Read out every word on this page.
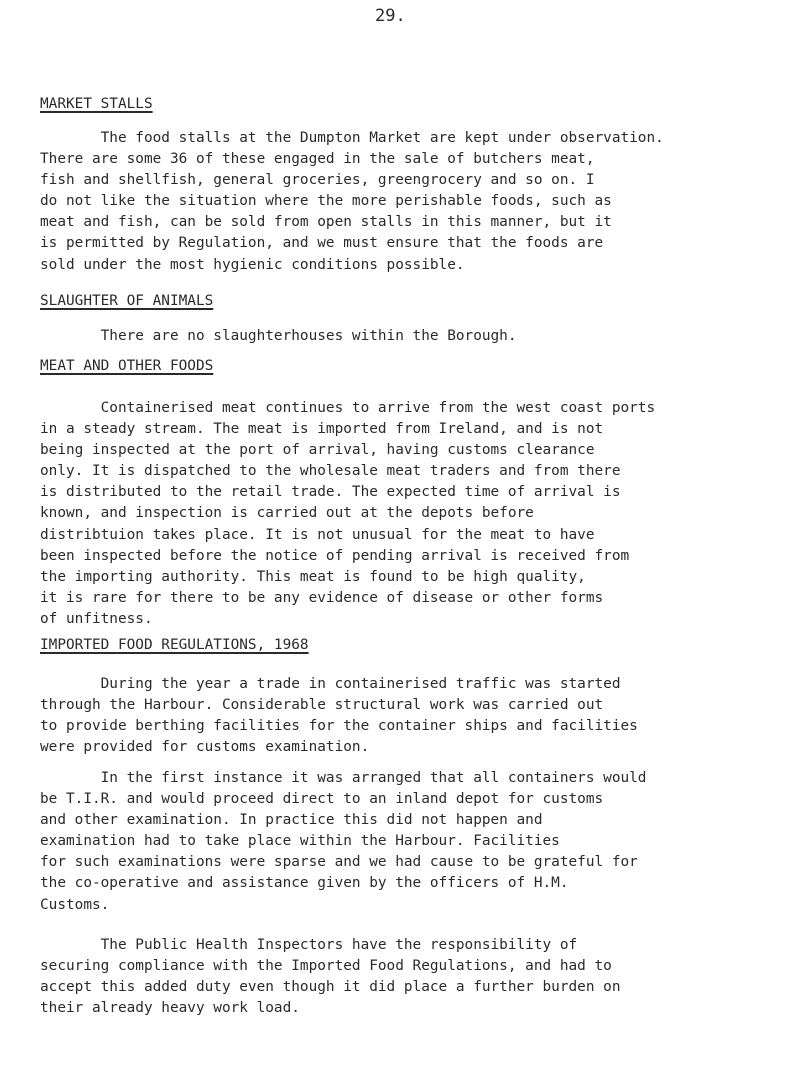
29.
MARKET STALLS
The food stalls at the Dumpton Market are kept under observation.
There are some 36 of these engaged in the sale of butchers meat,
fish and shellfish, general groceries, greengrocery and so on. I
do not like the situation where the more perishable foods, such as
meat and fish, can be sold from open stalls in this manner, but it
is permitted by Regulation, and we must ensure that the foods are
sold under the most hygienic conditions possible.
SLAUGHTER OF ANIMALS
There are no slaughterhouses within the Borough.
MEAT AND OTHER FOODS
Containerised meat continues to arrive from the west coast ports
in a steady stream. The meat is imported from Ireland, and is not
being inspected at the port of arrival, having customs clearance
only. It is dispatched to the wholesale meat traders and from there
is distributed to the retail trade. The expected time of arrival is
known, and inspection is carried out at the depots before
distribtuion takes place. It is not unusual for the meat to have
been inspected before the notice of pending arrival is received from
the importing authority. This meat is found to be high quality,
it is rare for there to be any evidence of disease or other forms
of unfitness.
IMPORTED FOOD REGULATIONS, 1968
During the year a trade in containerised traffic was started
through the Harbour. Considerable structural work was carried out
to provide berthing facilities for the container ships and facilities
were provided for customs examination.
In the first instance it was arranged that all containers would
be T.I.R. and would proceed direct to an inland depot for customs
and other examination. In practice this did not happen and
examination had to take place within the Harbour. Facilities
for such examinations were sparse and we had cause to be grateful for
the co-operative and assistance given by the officers of H.M.
Customs.
The Public Health Inspectors have the responsibility of
securing compliance with the Imported Food Regulations, and had to
accept this added duty even though it did place a further burden on
their already heavy work load.
